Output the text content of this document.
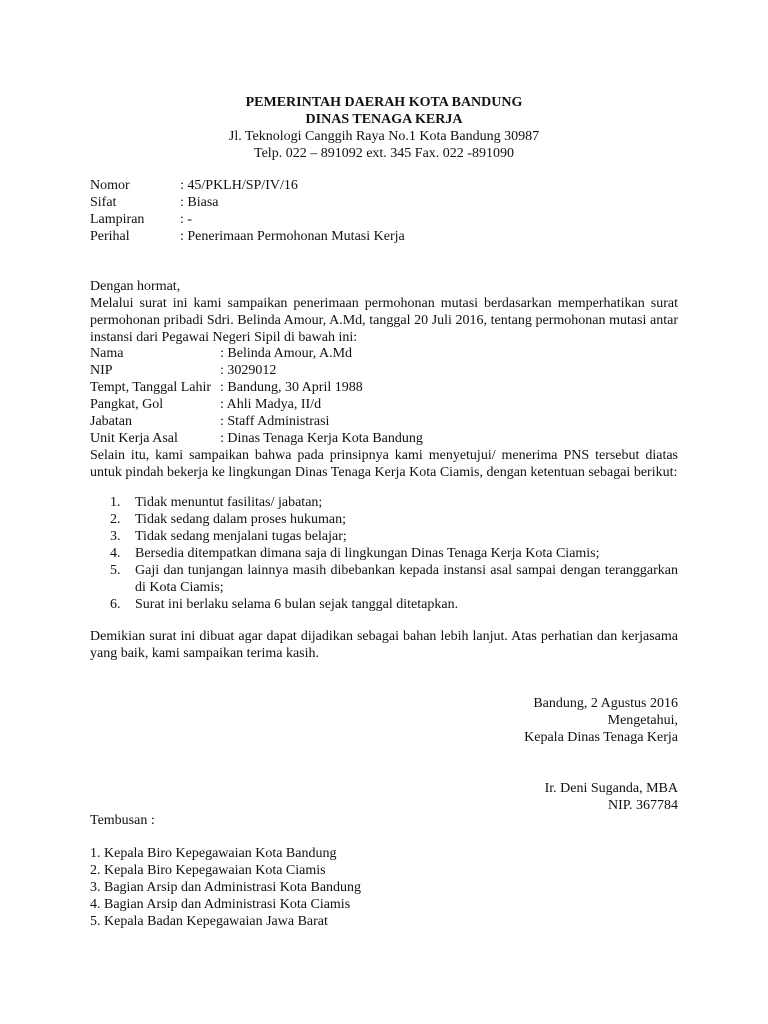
PEMERINTAH DAERAH KOTA BANDUNG
DINAS TENAGA KERJA
Jl. Teknologi Canggih Raya No.1 Kota Bandung 30987
Telp. 022 – 891092 ext. 345 Fax. 022 -891090
Nomor	: 45/PKLH/SP/IV/16
Sifat	: Biasa
Lampiran	: -
Perihal	: Penerimaan Permohonan Mutasi Kerja
Dengan hormat,
Melalui surat ini kami sampaikan penerimaan permohonan mutasi berdasarkan memperhatikan surat permohonan pribadi Sdri. Belinda Amour, A.Md, tanggal 20 Juli 2016, tentang permohonan mutasi antar instansi dari Pegawai Negeri Sipil di bawah ini:
Nama	: Belinda Amour, A.Md
NIP	: 3029012
Tempt, Tanggal Lahir : Bandung, 30 April 1988
Pangkat, Gol	: Ahli Madya, II/d
Jabatan	: Staff Administrasi
Unit Kerja Asal	: Dinas Tenaga Kerja Kota Bandung
Selain itu, kami sampaikan bahwa pada prinsipnya kami menyetujui/ menerima PNS tersebut diatas untuk pindah bekerja ke lingkungan Dinas Tenaga Kerja Kota Ciamis, dengan ketentuan sebagai berikut:
1. Tidak menuntut fasilitas/ jabatan;
2. Tidak sedang dalam proses hukuman;
3. Tidak sedang menjalani tugas belajar;
4. Bersedia ditempatkan dimana saja di lingkungan Dinas Tenaga Kerja Kota Ciamis;
5. Gaji dan tunjangan lainnya masih dibebankan kepada instansi asal sampai dengan teranggarkan di Kota Ciamis;
6. Surat ini berlaku selama 6 bulan sejak tanggal ditetapkan.
Demikian surat ini dibuat agar dapat dijadikan sebagai bahan lebih lanjut. Atas perhatian dan kerjasama yang baik, kami sampaikan terima kasih.
Bandung, 2 Agustus 2016
Mengetahui,
Kepala Dinas Tenaga Kerja
Ir. Deni Suganda, MBA
NIP. 367784
Tembusan :
1. Kepala Biro Kepegawaian Kota Bandung
2. Kepala Biro Kepegawaian Kota Ciamis
3. Bagian Arsip dan Administrasi Kota Bandung
4. Bagian Arsip dan Administrasi Kota Ciamis
5. Kepala Badan Kepegawaian Jawa Barat
